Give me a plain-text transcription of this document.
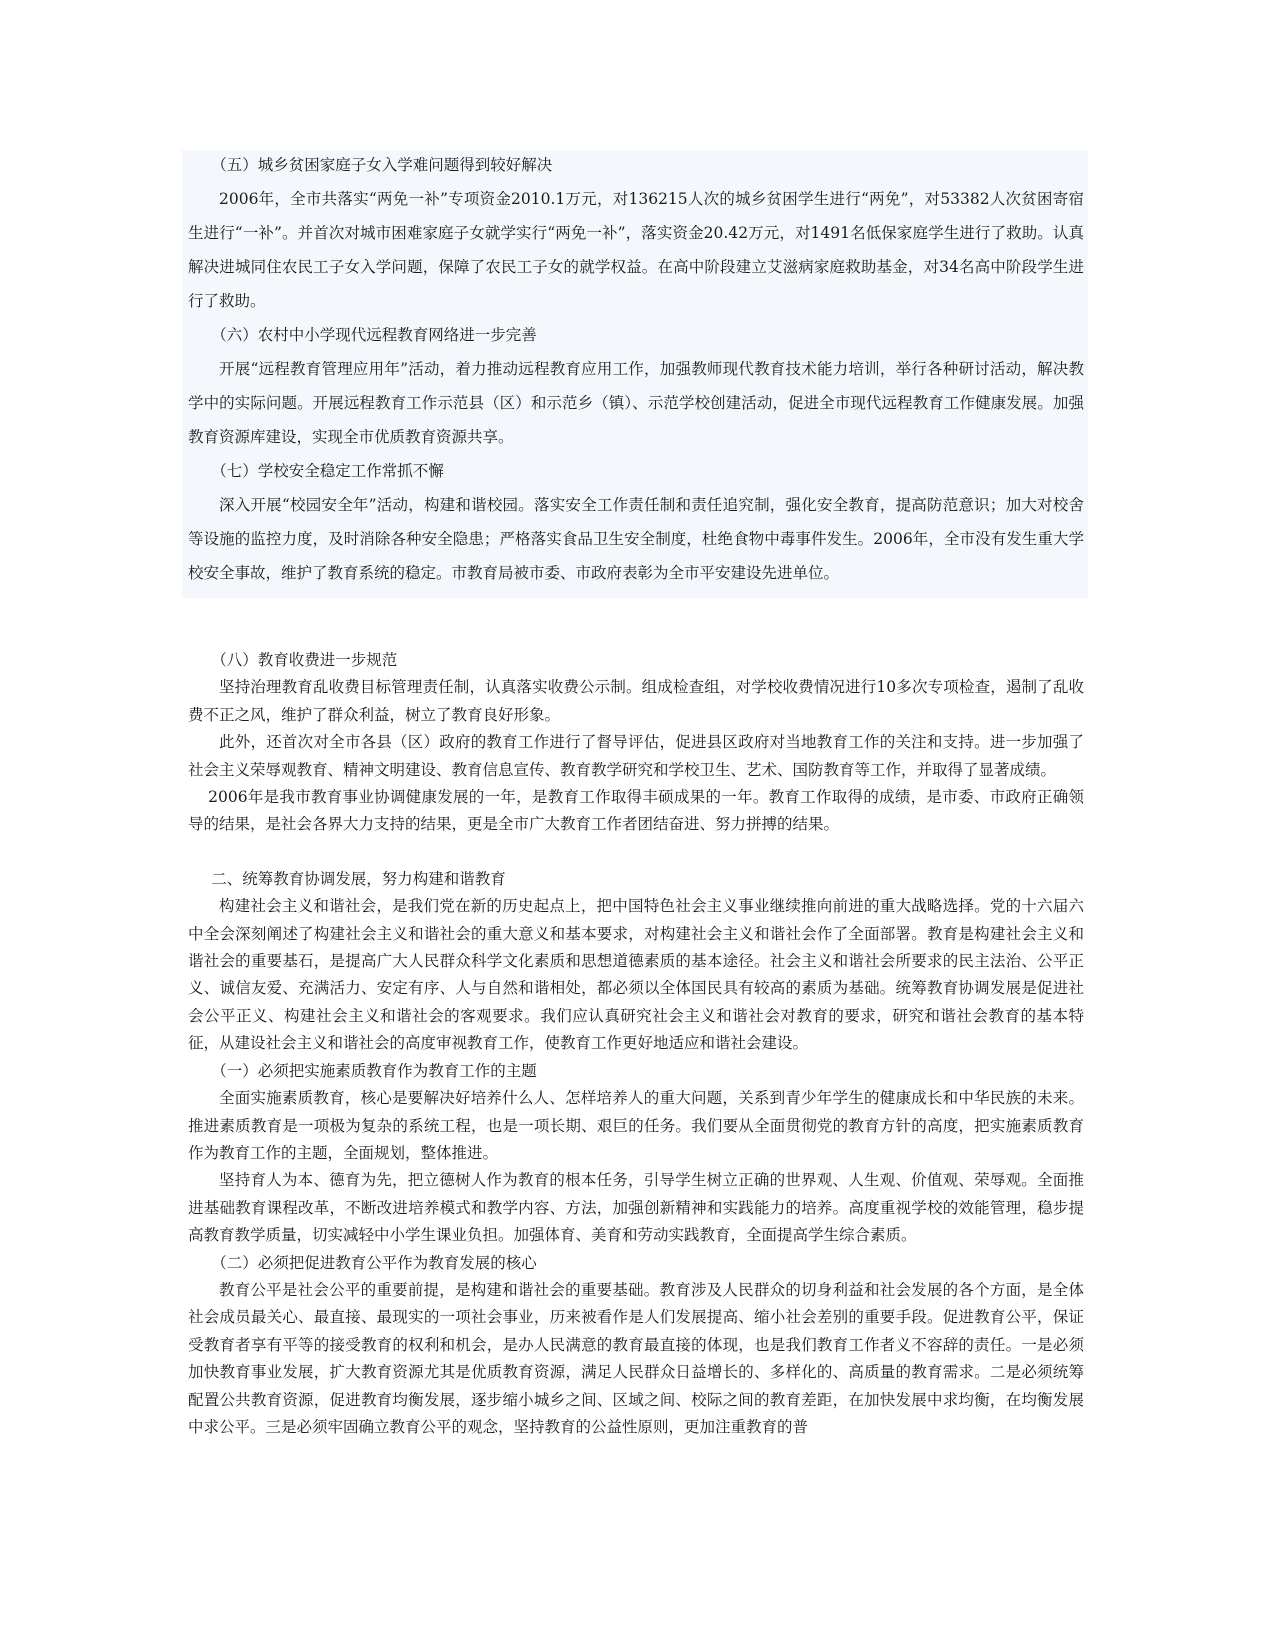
（五）城乡贫困家庭子女入学难问题得到较好解决

2006年，全市共落实“两免一补”专项资金2010.1万元，对136215人次的城乡贫困学生进行“两免”，对53382人次贫困寄宿生进行“一补”。并首次对城市困难家庭子女就学实行“两免一补”，落实资金20.42万元，对1491名低保家庭学生进行了救助。认真解决进城同住农民工子女入学问题，保障了农民工子女的就学权益。在高中阶段建立艾滋病家庭救助基金，对34名高中阶段学生进行了救助。

（六）农村中小学现代远程教育网络进一步完善

开展“远程教育管理应用年”活动，着力推动远程教育应用工作，加强教师现代教育技术能力培训，举行各种研讨活动，解决教学中的实际问题。开展远程教育工作示范县（区）和示范乡（镇）、示范学校创建活动，促进全市现代远程教育工作健康发展。加强教育资源库建设，实现全市优质教育资源共享。

（七）学校安全稳定工作常抓不懈

深入开展“校园安全年”活动，构建和谐校园。落实安全工作责任制和责任追究制，强化安全教育，提高防范意识；加大对校舍等设施的监控力度，及时消除各种安全隐患；严格落实食品卫生安全制度，杜绝食物中毒事件发生。2006年，全市没有发生重大学校安全事故，维护了教育系统的稳定。市教育局被市委、市政府表彰为全市平安建设先进单位。

（八）教育收费进一步规范

坚持治理教育乱收费目标管理责任制，认真落实收费公示制。组成检查组，对学校收费情况进行10多次专项检查，遏制了乱收费不正之风，维护了群众利益，树立了教育良好形象。

此外，还首次对全市各县（区）政府的教育工作进行了督导评估，促进县区政府对当地教育工作的关注和支持。进一步加强了社会主义荣辱观教育、精神文明建设、教育信息宣传、教育教学研究和学校卫生、艺术、国防教育等工作，并取得了显著成绩。

2006年是我市教育事业协调健康发展的一年，是教育工作取得丰硕成果的一年。教育工作取得的成绩，是市委、市政府正确领导的结果，是社会各界大力支持的结果，更是全市广大教育工作者团结奋进、努力拼搏的结果。

二、统筹教育协调发展，努力构建和谐教育

构建社会主义和谐社会，是我们党在新的历史起点上，把中国特色社会主义事业继续推向前进的重大战略选择。党的十六届六中全会深刻阐述了构建社会主义和谐社会的重大意义和基本要求，对构建社会主义和谐社会作了全面部署。教育是构建社会主义和谐社会的重要基石，是提高广大人民群众科学文化素质和思想道德素质的基本途径。社会主义和谐社会所要求的民主法治、公平正义、诚信友爱、充满活力、安定有序、人与自然和谐相处，都必须以全体国民具有较高的素质为基础。统筹教育协调发展是促进社会公平正义、构建社会主义和谐社会的客观要求。我们应认真研究社会主义和谐社会对教育的要求，研究和谐社会教育的基本特征，从建设社会主义和谐社会的高度审视教育工作，使教育工作更好地适应和谐社会建设。

（一）必须把实施素质教育作为教育工作的主题

全面实施素质教育，核心是要解决好培养什么人、怎样培养人的重大问题，关系到青少年学生的健康成长和中华民族的未来。推进素质教育是一项极为复杂的系统工程，也是一项长期、艰巨的任务。我们要从全面贯彻党的教育方针的高度，把实施素质教育作为教育工作的主题，全面规划，整体推进。

坚持育人为本、德育为先，把立德树人作为教育的根本任务，引导学生树立正确的世界观、人生观、价值观、荣辱观。全面推进基础教育课程改革，不断改进培养模式和教学内容、方法，加强创新精神和实践能力的培养。高度重视学校的效能管理，稳步提高教育教学质量，切实减轻中小学生课业负担。加强体育、美育和劳动实践教育，全面提高学生综合素质。

（二）必须把促进教育公平作为教育发展的核心

教育公平是社会公平的重要前提，是构建和谐社会的重要基础。教育涉及人民群众的切身利益和社会发展的各个方面，是全体社会成员最关心、最直接、最现实的一项社会事业，历来被看作是人们发展提高、缩小社会差别的重要手段。促进教育公平，保证受教育者享有平等的接受教育的权利和机会，是办人民满意的教育最直接的体现，也是我们教育工作者义不容辞的责任。一是必须加快教育事业发展，扩大教育资源尤其是优质教育资源，满足人民群众日益增长的、多样化的、高质量的教育需求。二是必须统筹配置公共教育资源，促进教育均衡发展，逐步缩小城乡之间、区域之间、校际之间的教育差距，在加快发展中求均衡，在均衡发展中求公平。三是必须牢固确立教育公平的观念，坚持教育的公益性原则，更加注重教育的普
